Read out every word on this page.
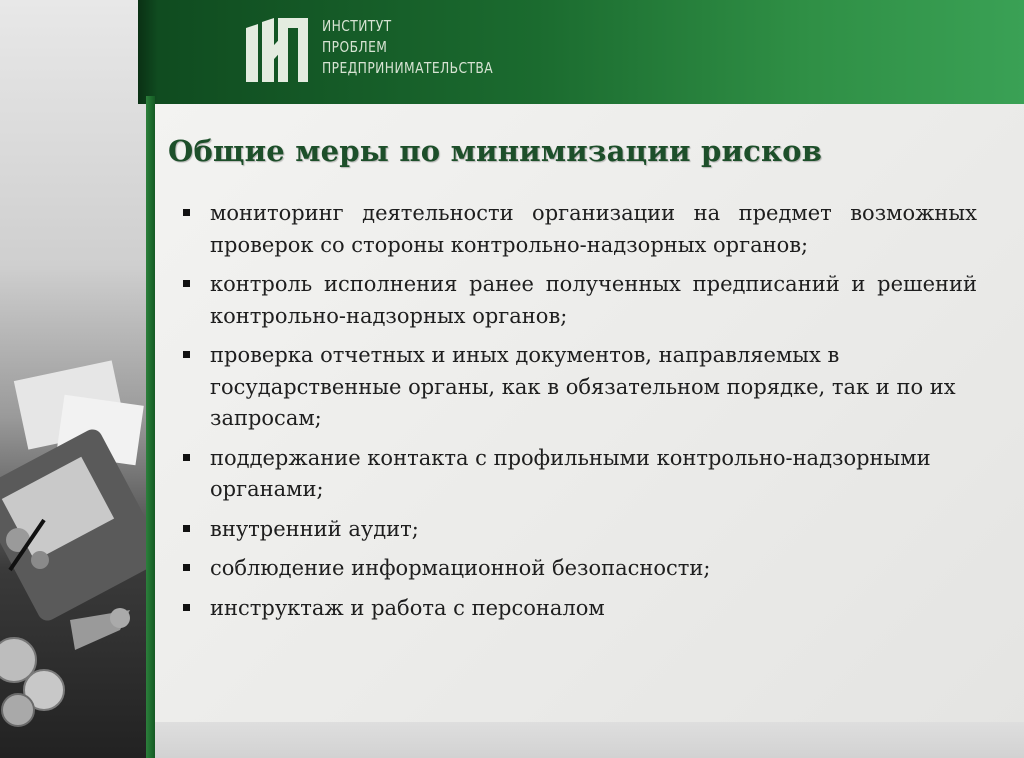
ИНСТИТУТ
ПРОБЛЕМ
ПРЕДПРИНИМАТЕЛЬСТВА
Общие меры по минимизации рисков
мониторинг деятельности организации на предмет возможных проверок со стороны контрольно-надзорных органов;
контроль исполнения ранее полученных предписаний и решений контрольно-надзорных органов;
проверка отчетных и иных документов, направляемых в государственные органы, как в обязательном порядке, так и по их запросам;
поддержание контакта с профильными контрольно-надзорными органами;
внутренний аудит;
соблюдение информационной безопасности;
инструктаж и работа с персоналом
